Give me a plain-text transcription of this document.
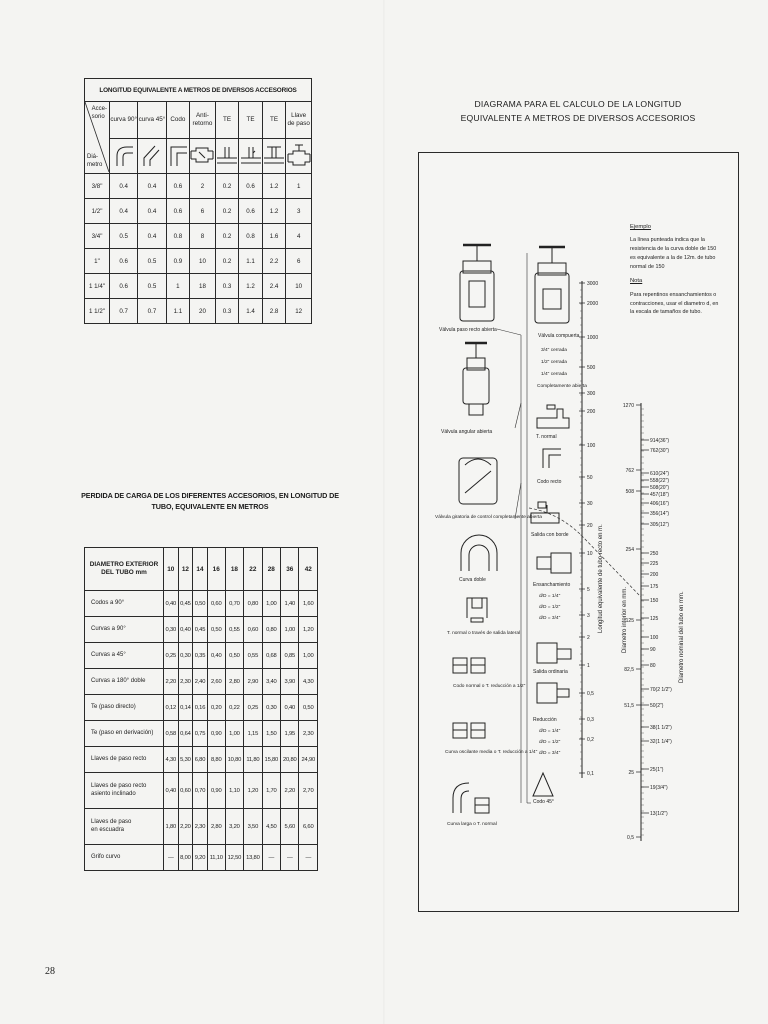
LONGITUD EQUIVALENTE A METROS DE DIVERSOS ACCESORIOS								

Acce-
sorio
Diá-
metro	curva 90°	curva 45°	Codo	Anti-
retorno	TE	TE	TE	Llave
de paso

3/8"	0.4	0.4	0.6	2	0.2	0.6	1.2	1
1/2"	0.4	0.4	0.6	6	0.2	0.6	1.2	3
3/4"	0.5	0.4	0.8	8	0.2	0.8	1.6	4
1"	0.6	0.5	0.9	10	0.2	1.1	2.2	6
1 1/4"	0.6	0.5	1	18	0.3	1.2	2.4	10
1 1/2"	0.7	0.7	1.1	20	0.3	1.4	2.8	12
PERDIDA DE CARGA DE LOS DIFERENTES ACCESORIOS, EN LONGITUD DE
TUBO, EQUIVALENTE EN METROS
DIAMETRO EXTERIOR
DEL TUBO mm	10	12	14	16	18	22	28	36	42
Codos a 90°	0,40	0,45	0,50	0,60	0,70	0,80	1,00	1,40	1,60
Curvas a 90°	0,30	0,40	0,45	0,50	0,55	0,60	0,80	1,00	1,20
Curvas a 45°	0,25	0,30	0,35	0,40	0,50	0,55	0,68	0,85	1,00
Curvas a 180° doble	2,20	2,30	2,40	2,60	2,80	2,90	3,40	3,90	4,30
Te (paso directo)	0,12	0,14	0,16	0,20	0,22	0,25	0,30	0,40	0,50
Te (paso en derivación)	0,58	0,64	0,75	0,90	1,00	1,15	1,50	1,95	2,30
Llaves de paso recto	4,30	5,30	6,80	8,80	10,80	11,80	15,80	20,80	24,90
Llaves de paso recto
asiento inclinado	0,40	0,60	0,70	0,90	1,10	1,20	1,70	2,20	2,70
Llaves de paso
en escuadra	1,80	2,20	2,30	2,80	3,20	3,50	4,50	5,60	6,60
Grifo curvo	—	8,00	9,20	11,10	12,50	13,80	—	—	—
28
DIAGRAMA PARA EL CALCULO DE LA LONGITUD
EQUIVALENTE A METROS DE DIVERSOS ACCESORIOS
Válvula paso recto abierta
Válvula compuerta
3/4" cerrada
1/2" cerrada
1/4" cerrada
Completamente abierta
Válvula angular abierta
T. normal
Codo recto
Válvula giratoria de control completamente abierta
Salida con borde
Curva doble
Ensanchamiento
d/D = 1/4"
d/D = 1/2"
d/D = 3/4"
T. normal o través de salida lateral
Salida ordinaria
Codo normal o T. reducción a 1/2"
Reducción
d/D = 1/4"
d/D = 1/2"
d/D = 3/4"
Curva oscilante media o T. reducción a 1/4"
Codo 45°
Curva larga o T. normal
3000
2000
1000
500
300
200
100
50
30
20
10
5
3
2
1
0,5
0,3
0,2
0,1
Longitud equivalente de tubo recto en m.
1270
762
508
254
125
82,5
51,5
25
0,5
Diametro interior en mm.
914(36")
762(30")
610(24")
558(22")
508(20")
457(18")
406(16")
356(14")
305(12")
250
225
200
175
150
125
100
90
80
70(2 1/2")
50(2")
38(1 1/2")
32(1 1/4")
25(1")
19(3/4")
13(1/2")
Diametro nominal del tubo en mm.
Ejemplo

La línea punteada indica que la resistencia de la curva doble de 150 es equivalente a la de 12m. de tubo normal de 150

Nota

Para repentinos ensanchamientos o contracciones, usar el diametro d, en la escala de tamaños de tubo.
